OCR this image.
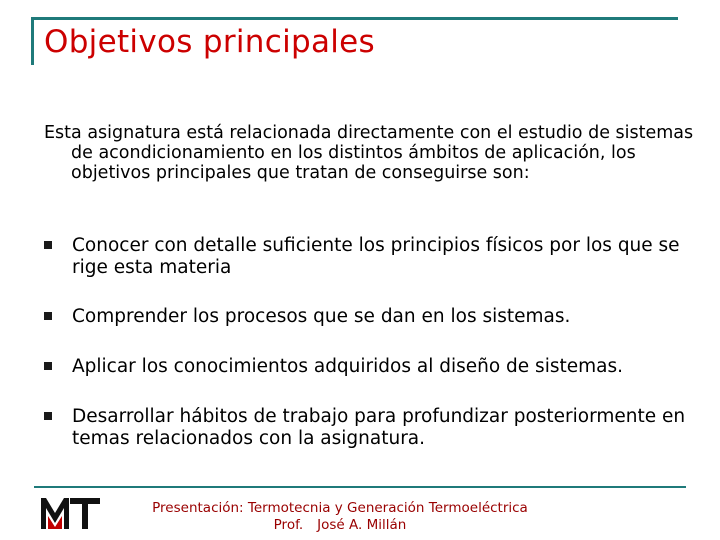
Objetivos principales
Esta asignatura está relacionada directamente con el estudio de sistemas de acondicionamiento en los distintos ámbitos de aplicación, los objetivos principales que tratan de conseguirse son:
Conocer con detalle suficiente los principios físicos por los que se rige esta materia
Comprender los procesos que se dan en los sistemas.
Aplicar los conocimientos adquiridos al diseño de sistemas.
Desarrollar hábitos de trabajo para profundizar posteriormente en temas relacionados con la asignatura.
Presentación: Termotecnia y Generación Termoeléctrica
Prof. José A. Millán
